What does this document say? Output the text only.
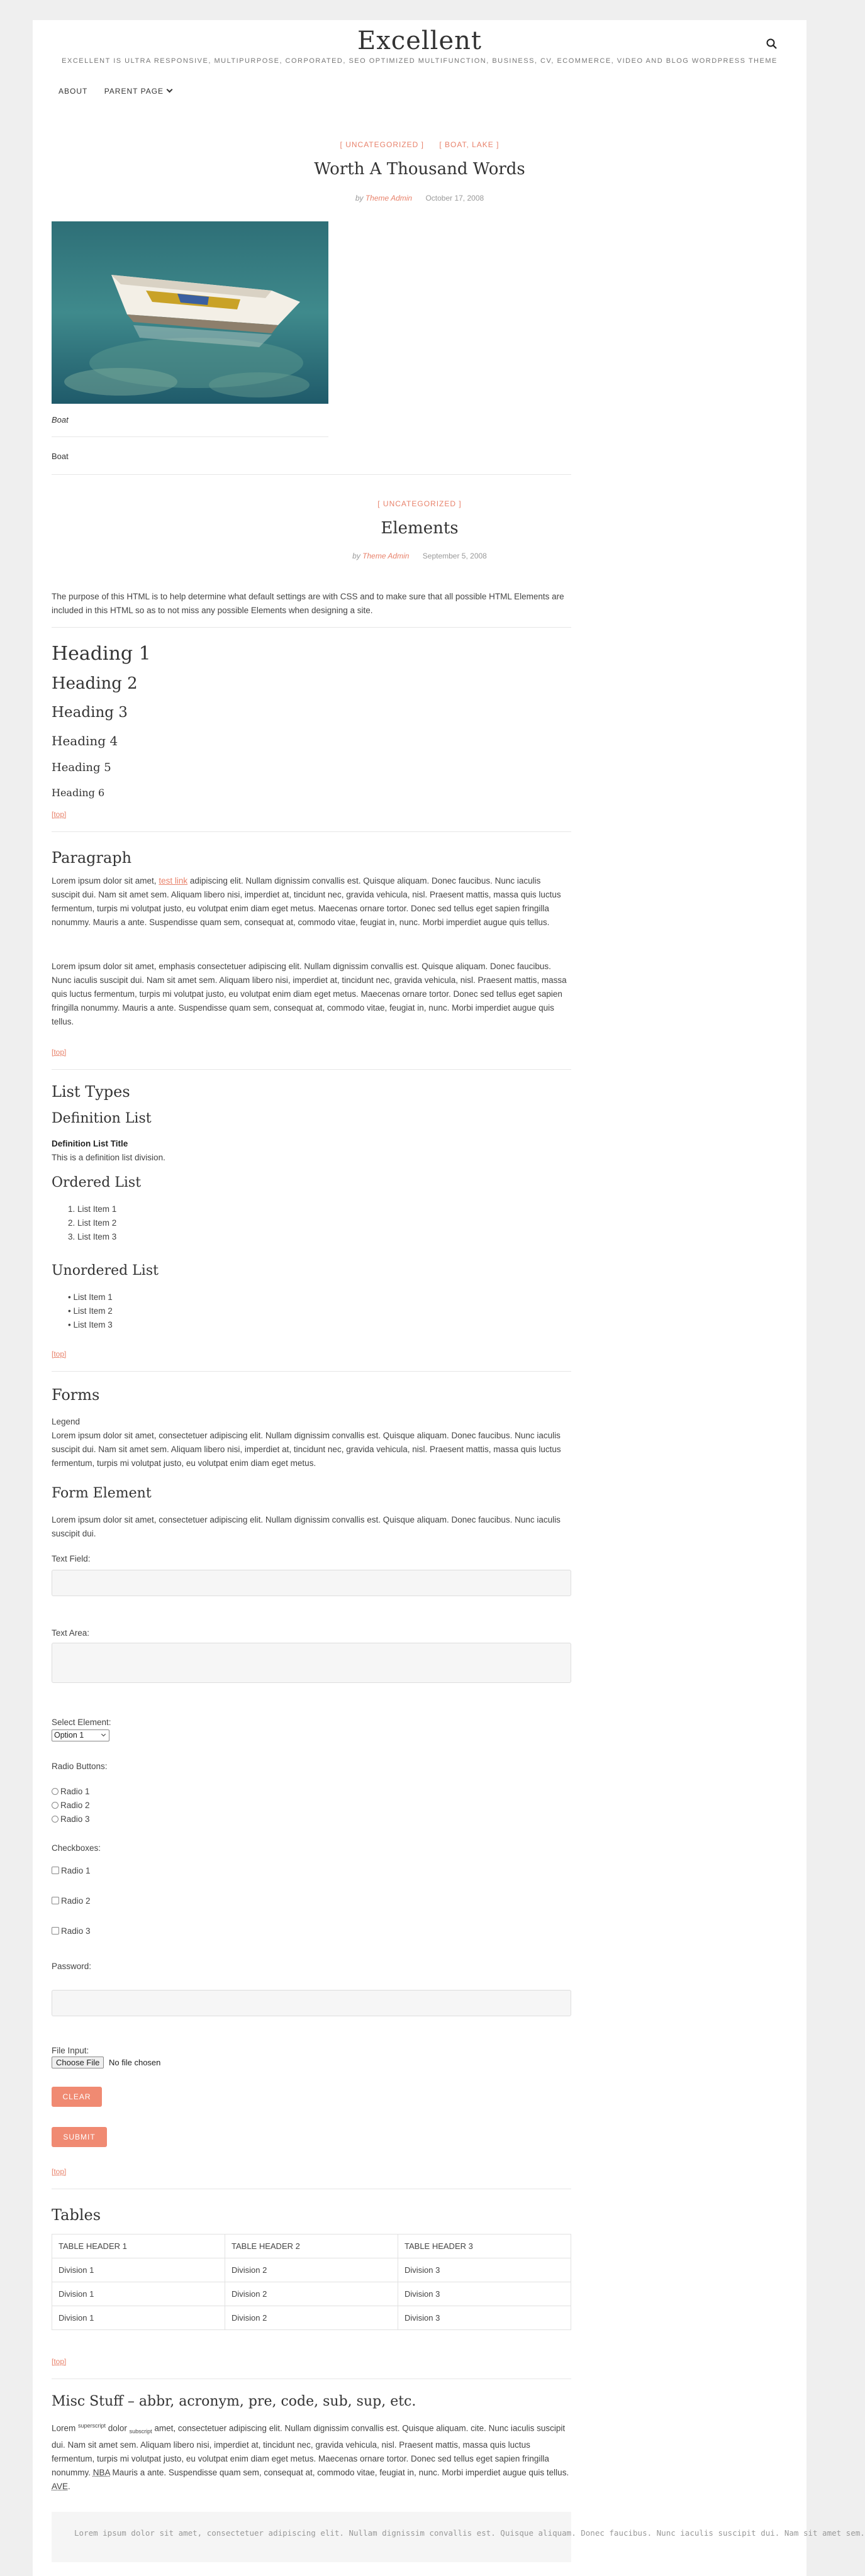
Excellent
EXCELLENT IS ULTRA RESPONSIVE, MULTIPURPOSE, CORPORATED, SEO OPTIMIZED MULTIFUNCTION, BUSINESS, CV, ECOMMERCE, VIDEO AND BLOG WORDPRESS THEME
ABOUT PARENT PAGE
[ UNCATEGORIZED ] [ BOAT, LAKE ]
Worth A Thousand Words
by Theme Admin October 17, 2008
Boat
Boat
[ UNCATEGORIZED ]
Elements
by Theme Admin September 5, 2008
The purpose of this HTML is to help determine what default settings are with CSS and to make sure that all possible HTML Elements are included in this HTML so as to not miss any possible Elements when designing a site.
Heading 1
Heading 2
Heading 3
Heading 4
Heading 5
Heading 6
[top]
Paragraph
Lorem ipsum dolor sit amet, test link adipiscing elit. Nullam dignissim convallis est. Quisque aliquam. Donec faucibus. Nunc iaculis suscipit dui. Nam sit amet sem. Aliquam libero nisi, imperdiet at, tincidunt nec, gravida vehicula, nisl. Praesent mattis, massa quis luctus fermentum, turpis mi volutpat justo, eu volutpat enim diam eget metus. Maecenas ornare tortor. Donec sed tellus eget sapien fringilla nonummy. Mauris a ante. Suspendisse quam sem, consequat at, commodo vitae, feugiat in, nunc. Morbi imperdiet augue quis tellus.
Lorem ipsum dolor sit amet, emphasis consectetuer adipiscing elit. Nullam dignissim convallis est. Quisque aliquam. Donec faucibus. Nunc iaculis suscipit dui. Nam sit amet sem. Aliquam libero nisi, imperdiet at, tincidunt nec, gravida vehicula, nisl. Praesent mattis, massa quis luctus fermentum, turpis mi volutpat justo, eu volutpat enim diam eget metus. Maecenas ornare tortor. Donec sed tellus eget sapien fringilla nonummy. Mauris a ante. Suspendisse quam sem, consequat at, commodo vitae, feugiat in, nunc. Morbi imperdiet augue quis tellus.
[top]
List Types
Definition List
Definition List Title
This is a definition list division.
Ordered List
1. List Item 1
2. List Item 2
3. List Item 3
Unordered List
• List Item 1
• List Item 2
• List Item 3
[top]
Forms
Legend
Lorem ipsum dolor sit amet, consectetuer adipiscing elit. Nullam dignissim convallis est. Quisque aliquam. Donec faucibus. Nunc iaculis suscipit dui. Nam sit amet sem. Aliquam libero nisi, imperdiet at, tincidunt nec, gravida vehicula, nisl. Praesent mattis, massa quis luctus fermentum, turpis mi volutpat justo, eu volutpat enim diam eget metus.
Form Element
Lorem ipsum dolor sit amet, consectetuer adipiscing elit. Nullam dignissim convallis est. Quisque aliquam. Donec faucibus. Nunc iaculis suscipit dui.
Text Field:
Text Area:
Select Element:
Option 1
Radio Buttons:
Radio 1
Radio 2
Radio 3
Checkboxes:
Radio 1
Radio 2
Radio 3
Password:
File Input:
Choose File No file chosen
CLEAR
SUBMIT
[top]
Tables
TABLE HEADER 1	TABLE HEADER 2	TABLE HEADER 3
Division 1	Division 2	Division 3
Division 1	Division 2	Division 3
Division 1	Division 2	Division 3
[top]
Misc Stuff – abbr, acronym, pre, code, sub, sup, etc.
Lorem $^{superscript}$ dolor $_{subscript}$ amet, consectetuer adipiscing elit. Nullam dignissim convallis est. Quisque aliquam. cite. Nunc iaculis suscipit dui. Nam sit amet sem. Aliquam libero nisi, imperdiet at, tincidunt nec, gravida vehicula, nisl. Praesent mattis, massa quis luctus fermentum, turpis mi volutpat justo, eu volutpat enim diam eget metus. Maecenas ornare tortor. Donec sed tellus eget sapien fringilla nonummy. NBA Mauris a ante. Suspendisse quam sem, consequat at, commodo vitae, feugiat in, nunc. Morbi imperdiet augue quis tellus. AVE.
Lorem ipsum dolor sit amet, consectetuer adipiscing elit. Nullam dignissim convallis est. Quisque aliquam. Donec faucibus. Nunc iaculis suscipit dui. Nam sit amet sem.
